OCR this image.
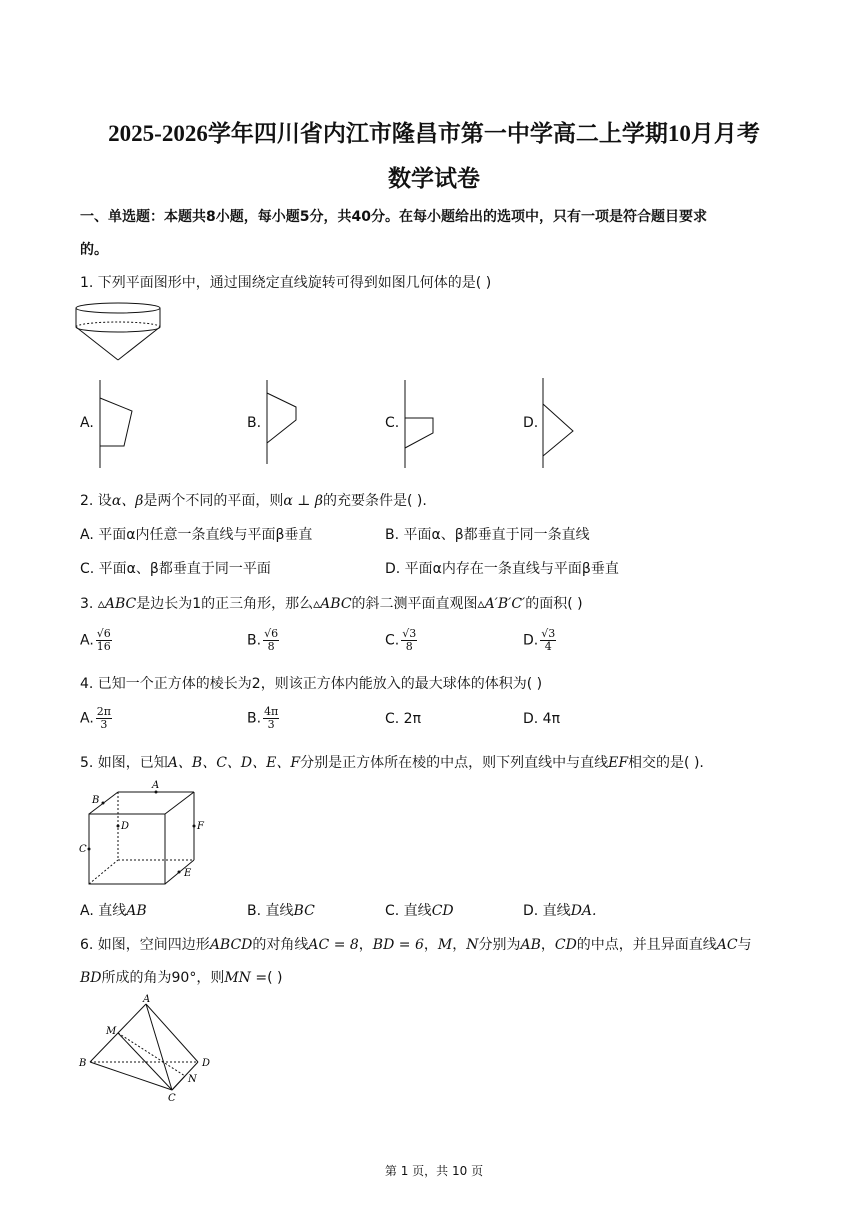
2025-2026学年四川省内江市隆昌市第一中学高二上学期10月月考
数学试卷
一、单选题：本题共8小题，每小题5分，共40分。在每小题给出的选项中，只有一项是符合题目要求
的。
1. 下列平面图形中，通过围绕定直线旋转可得到如图几何体的是( )
A.	B.	C.	D.
2. 设α、β是两个不同的平面，则α ⊥ β的充要条件是( ).
A. 平面α内任意一条直线与平面β垂直	B. 平面α、β都垂直于同一条直线
C. 平面α、β都垂直于同一平面	D. 平面α内存在一条直线与平面β垂直
3. ▵ABC是边长为1的正三角形，那么▵ABC的斜二测平面直观图▵A′B′C′的面积( )
A. $\frac{√6}{16}$	B. $\frac{√6}{8}$	C. $\frac{√3}{8}$	D. $\frac{√3}{4}$
4. 已知一个正方体的棱长为2，则该正方体内能放入的最大球体的体积为( )
A. $\frac{2\pi}{3}$	B. $\frac{4\pi}{3}$	C. 2π	D. 4π
5. 如图，已知A、B、C、D、E、F分别是正方体所在棱的中点，则下列直线中与直线EF相交的是( ).
A
B
D	F
C
E
A. 直线AB	B. 直线BC	C. 直线CD	D. 直线DA.
6. 如图，空间四边形ABCD的对角线AC = 8，BD = 6，M，N分别为AB，CD的中点，并且异面直线AC与
BD所成的角为90°，则MN =( )
A
M
B	D
N
C
第 1 页，共 10 页
